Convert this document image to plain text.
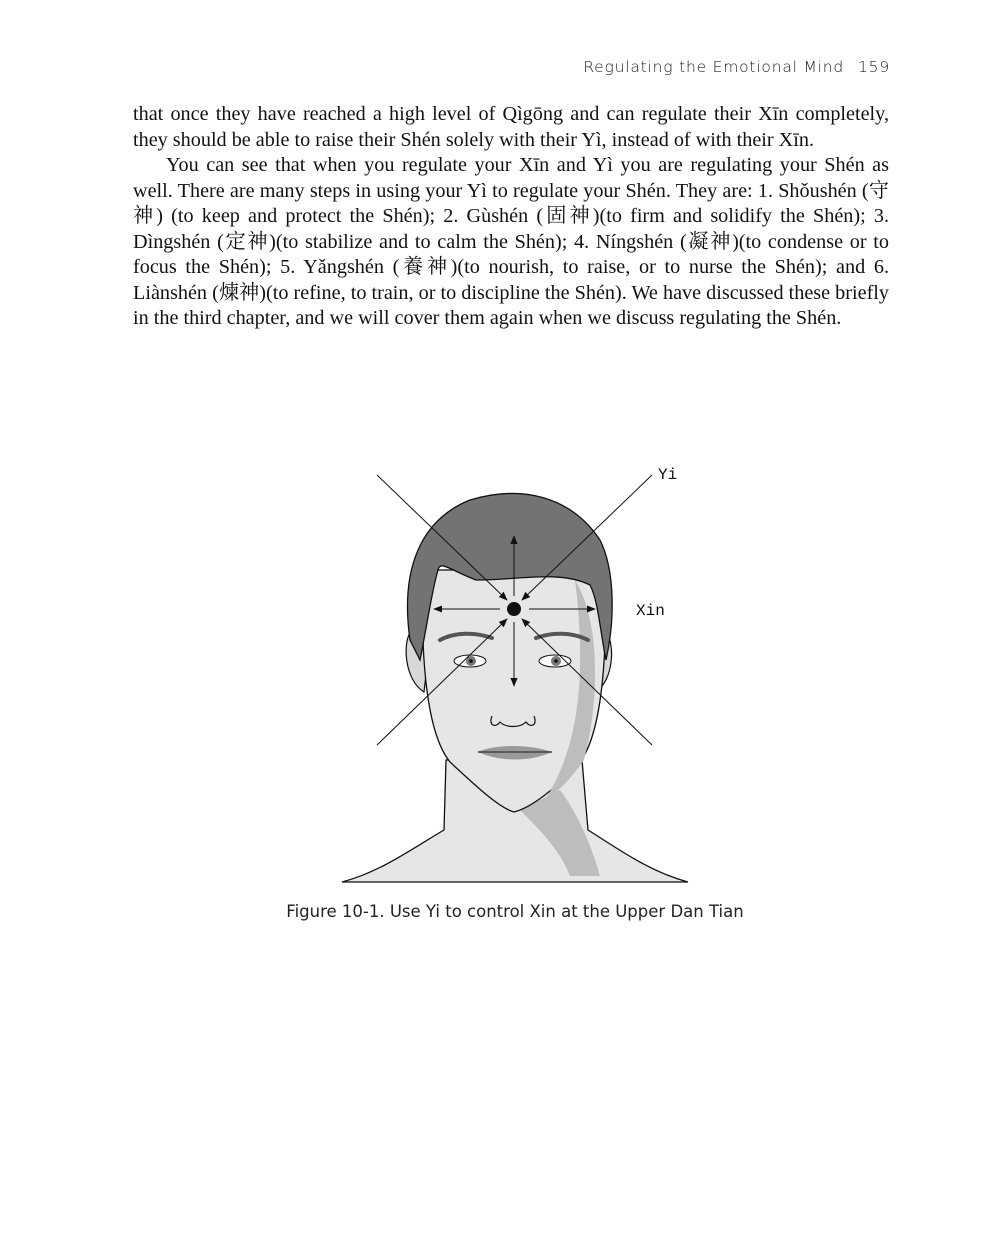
Regulating the Emotional Mind 159

that once they have reached a high level of Qìgōng and can regulate their Xīn completely, they should be able to raise their Shén solely with their Yì, instead of with their Xīn.

You can see that when you regulate your Xīn and Yì you are regulating your Shén as well. There are many steps in using your Yì to regulate your Shén. They are: 1. Shǒushén (守神) (to keep and protect the Shén); 2. Gùshén (固神)(to firm and solidify the Shén); 3. Dìngshén (定神)(to stabilize and to calm the Shén); 4. Níngshén (凝神)(to condense or to focus the Shén); 5. Yǎngshén (養神)(to nourish, to raise, or to nurse the Shén); and 6. Liànshén (煉神)(to refine, to train, or to discipline the Shén). We have discussed these briefly in the third chapter, and we will cover them again when we discuss regulating the Shén.

Yi
Xin
Figure 10-1. Use Yi to control Xin at the Upper Dan Tian
